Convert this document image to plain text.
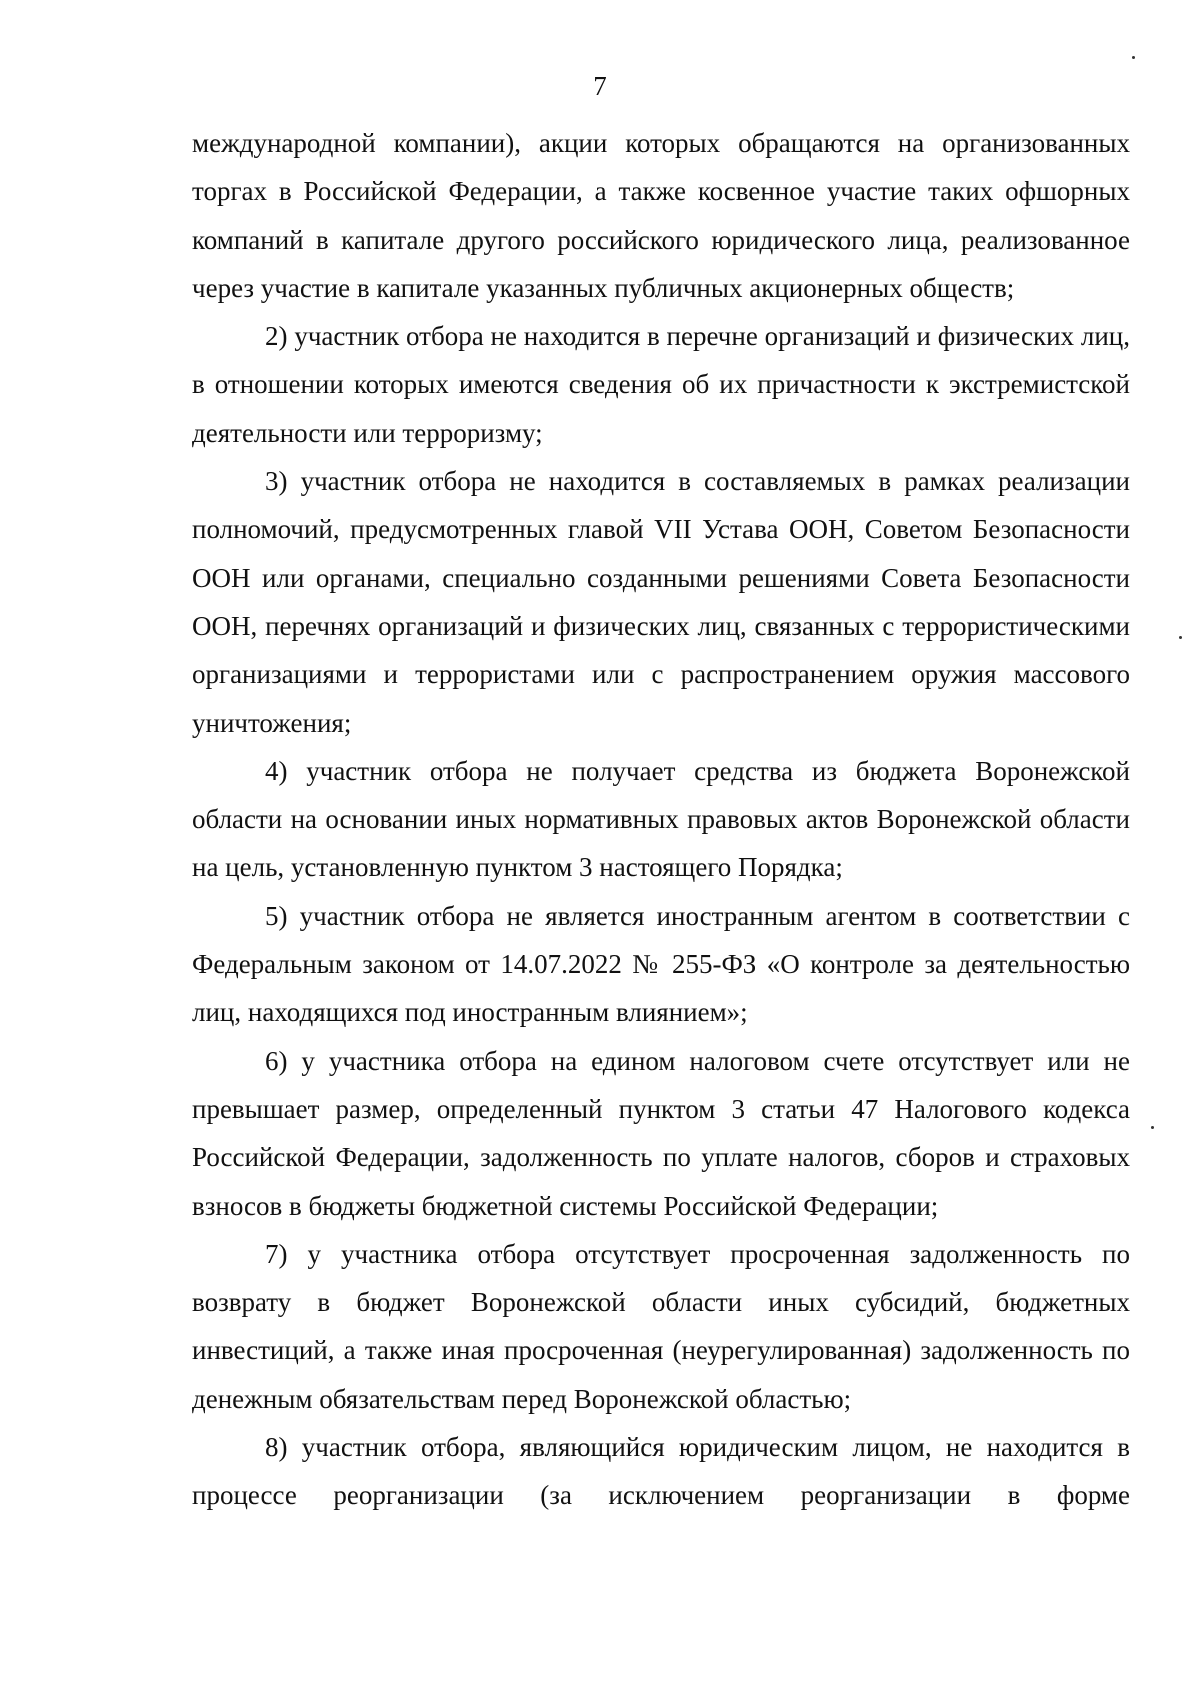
7

международной компании), акции которых обращаются на организованных торгах в Российской Федерации, а также косвенное участие таких офшорных компаний в капитале другого российского юридического лица, реализованное через участие в капитале указанных публичных акционерных обществ;

2) участник отбора не находится в перечне организаций и физических лиц, в отношении которых имеются сведения об их причастности к экстремистской деятельности или терроризму;

3) участник отбора не находится в составляемых в рамках реализации полномочий, предусмотренных главой VII Устава ООН, Советом Безопасности ООН или органами, специально созданными решениями Совета Безопасности ООН, перечнях организаций и физических лиц, связанных с террористическими организациями и террористами или с распространением оружия массового уничтожения;

4) участник отбора не получает средства из бюджета Воронежской области на основании иных нормативных правовых актов Воронежской области на цель, установленную пунктом 3 настоящего Порядка;

5) участник отбора не является иностранным агентом в соответствии с Федеральным законом от 14.07.2022 № 255-ФЗ «О контроле за деятельностью лиц, находящихся под иностранным влиянием»;

6) у участника отбора на едином налоговом счете отсутствует или не превышает размер, определенный пунктом 3 статьи 47 Налогового кодекса Российской Федерации, задолженность по уплате налогов, сборов и страховых взносов в бюджеты бюджетной системы Российской Федерации;

7) у участника отбора отсутствует просроченная задолженность по возврату в бюджет Воронежской области иных субсидий, бюджетных инвестиций, а также иная просроченная (неурегулированная) задолженность по денежным обязательствам перед Воронежской областью;

8) участник отбора, являющийся юридическим лицом, не находится в процессе реорганизации (за исключением реорганизации в форме
